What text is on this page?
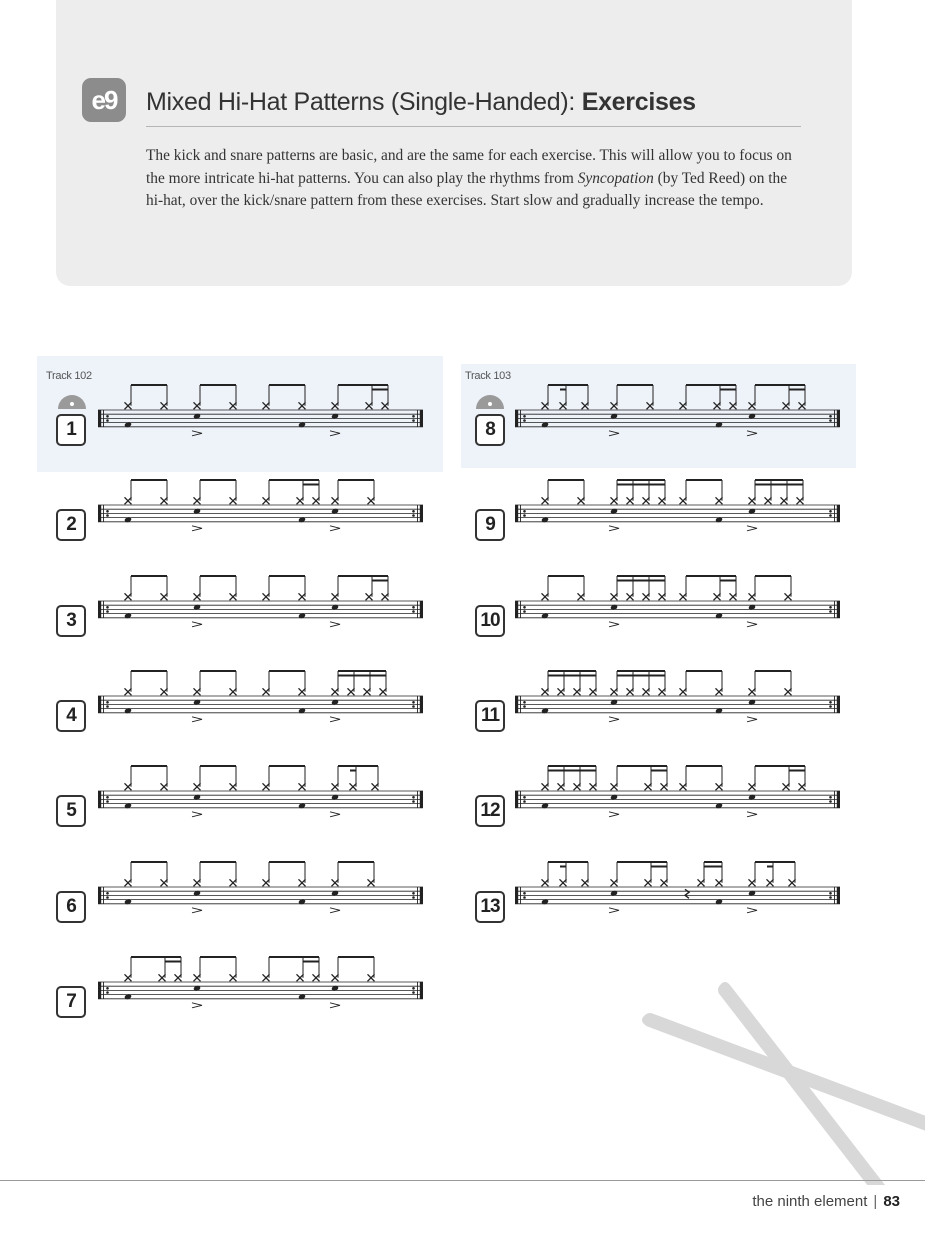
e9	Mixed Hi-Hat Patterns (Single-Handed): Exercises

The kick and snare patterns are basic, and are the same for each exercise. This will allow you to focus on the more intricate hi-hat patterns. You can also play the rhythms from Syncopation (by Ted Reed) on the hi-hat, over the kick/snare pattern from these exercises. Start slow and gradually increase the tempo.

Track 102	Track 103
1
2
3
4
5
6
7
8
9
10
11
12
13
the ninth element | 83
